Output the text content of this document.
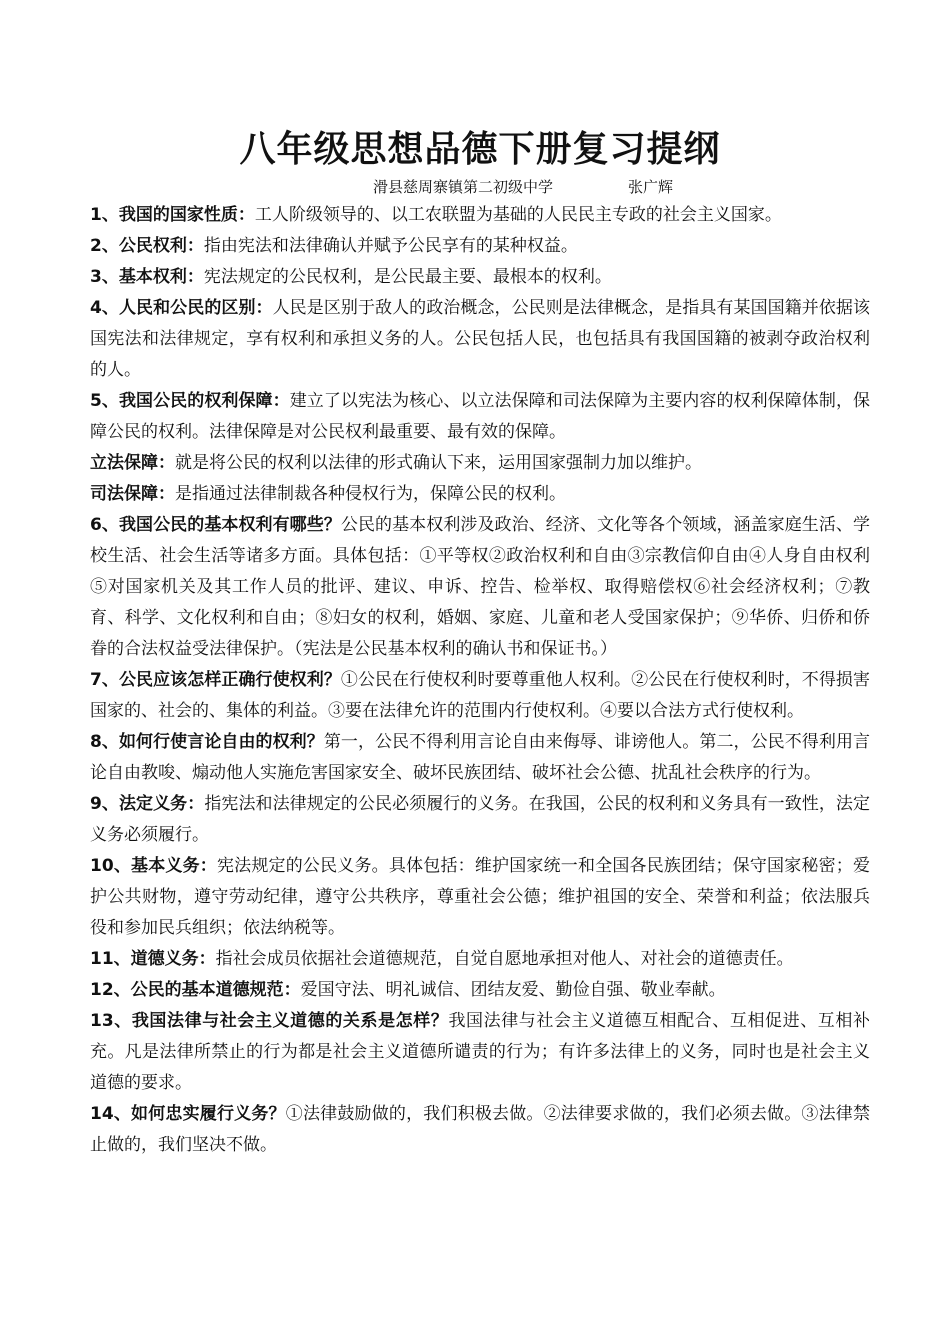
八年级思想品德下册复习提纲
滑县慈周寨镇第二初级中学	张广辉

1、我国的国家性质：工人阶级领导的、以工农联盟为基础的人民民主专政的社会主义国家。

2、公民权利：指由宪法和法律确认并赋予公民享有的某种权益。

3、基本权利：宪法规定的公民权利，是公民最主要、最根本的权利。

4、人民和公民的区别：人民是区别于敌人的政治概念，公民则是法律概念，是指具有某国国籍并依据该国宪法和法律规定，享有权利和承担义务的人。公民包括人民，也包括具有我国国籍的被剥夺政治权利的人。

5、我国公民的权利保障：建立了以宪法为核心、以立法保障和司法保障为主要内容的权利保障体制，保障公民的权利。法律保障是对公民权利最重要、最有效的保障。

立法保障：就是将公民的权利以法律的形式确认下来，运用国家强制力加以维护。

司法保障：是指通过法律制裁各种侵权行为，保障公民的权利。

6、我国公民的基本权利有哪些？公民的基本权利涉及政治、经济、文化等各个领域，涵盖家庭生活、学校生活、社会生活等诸多方面。具体包括：①平等权②政治权利和自由③宗教信仰自由④人身自由权利⑤对国家机关及其工作人员的批评、建议、申诉、控告、检举权、取得赔偿权⑥社会经济权利；⑦教育、科学、文化权利和自由；⑧妇女的权利，婚姻、家庭、儿童和老人受国家保护；⑨华侨、归侨和侨眷的合法权益受法律保护。（宪法是公民基本权利的确认书和保证书。）

7、公民应该怎样正确行使权利？①公民在行使权利时要尊重他人权利。②公民在行使权利时，不得损害国家的、社会的、集体的利益。③要在法律允许的范围内行使权利。④要以合法方式行使权利。

8、如何行使言论自由的权利？第一，公民不得利用言论自由来侮辱、诽谤他人。第二，公民不得利用言论自由教唆、煽动他人实施危害国家安全、破坏民族团结、破坏社会公德、扰乱社会秩序的行为。

9、法定义务：指宪法和法律规定的公民必须履行的义务。在我国，公民的权利和义务具有一致性，法定义务必须履行。

10、基本义务：宪法规定的公民义务。具体包括：维护国家统一和全国各民族团结；保守国家秘密；爱护公共财物，遵守劳动纪律，遵守公共秩序，尊重社会公德；维护祖国的安全、荣誉和利益；依法服兵役和参加民兵组织；依法纳税等。

11、道德义务：指社会成员依据社会道德规范，自觉自愿地承担对他人、对社会的道德责任。

12、公民的基本道德规范：爱国守法、明礼诚信、团结友爱、勤俭自强、敬业奉献。

13、我国法律与社会主义道德的关系是怎样？我国法律与社会主义道德互相配合、互相促进、互相补充。凡是法律所禁止的行为都是社会主义道德所谴责的行为；有许多法律上的义务，同时也是社会主义道德的要求。

14、如何忠实履行义务？①法律鼓励做的，我们积极去做。②法律要求做的，我们必须去做。③法律禁止做的，我们坚决不做。
